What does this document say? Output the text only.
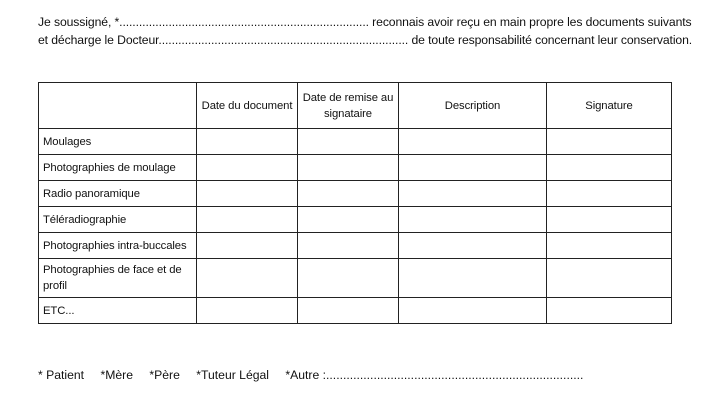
Je soussigné, *............................................................................ reconnais avoir reçu en main propre les documents suivants
et décharge le Docteur............................................................................ de toute responsabilité concernant leur conservation.
	Date du document	Date de remise au signataire	Description	Signature
Moulages				
Photographies de moulage				
Radio panoramique				
Téléradiographie				
Photographies intra-buccales				
Photographies de face et de profil				
ETC...				
* Patient *Mère *Père *Tuteur Légal *Autre :............................................................................
